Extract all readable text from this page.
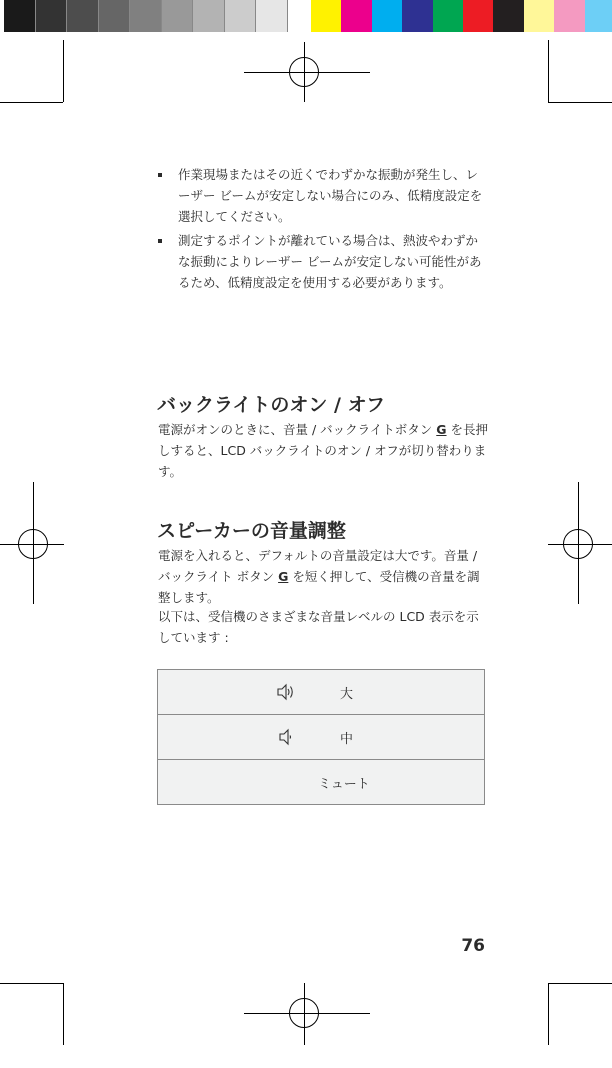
作業現場またはその近くでわずかな振動が発生し、レーザー ビームが安定しない場合にのみ、低精度設定を選択してください。
測定するポイントが離れている場合は、熱波やわずかな振動によりレーザー ビームが安定しない可能性があるため、低精度設定を使用する必要があります。
バックライトのオン / オフ

電源がオンのときに、音量 / バックライトボタン G を長押しすると、LCD バックライトのオン / オフが切り替わります。

スピーカーの音量調整

電源を入れると、デフォルトの音量設定は大です。音量 / バックライト ボタン G を短く押して、受信機の音量を調整します。

以下は、受信機のさまざまな音量レベルの LCD 表示を示しています :

大

中

ミュート
76
